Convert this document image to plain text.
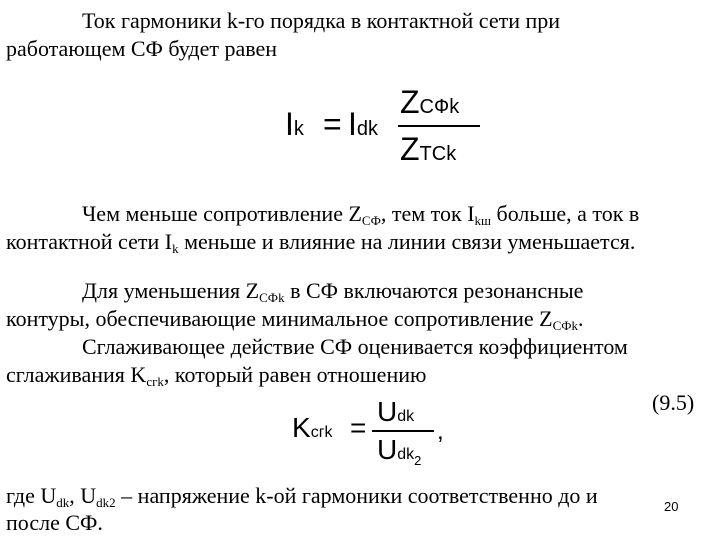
Ток гармоники k-го порядка в контактной сети при
работающем СФ будет равен
Ik = Idk
ZСФk
ZТСk
Чем меньше сопротивление $Z_{СФ}$, тем ток $I_{kш}$ больше, а ток в
контактной сети $I_k$ меньше и влияние на линии связи уменьшается.
Для уменьшения $Z_{СФk}$ в СФ включаются резонансные
контуры, обеспечивающие минимальное сопротивление $Z_{СФk}$.
Сглаживающее действие СФ оценивается коэффициентом
сглаживания $K_{сгk}$, который равен отношению
(9.5)
Kсгk =
Udk
Udk$_2$
,
где $U_{dk}$, $U_{dk2}$ – напряжение k-ой гармоники соответственно до и
после СФ.
20
